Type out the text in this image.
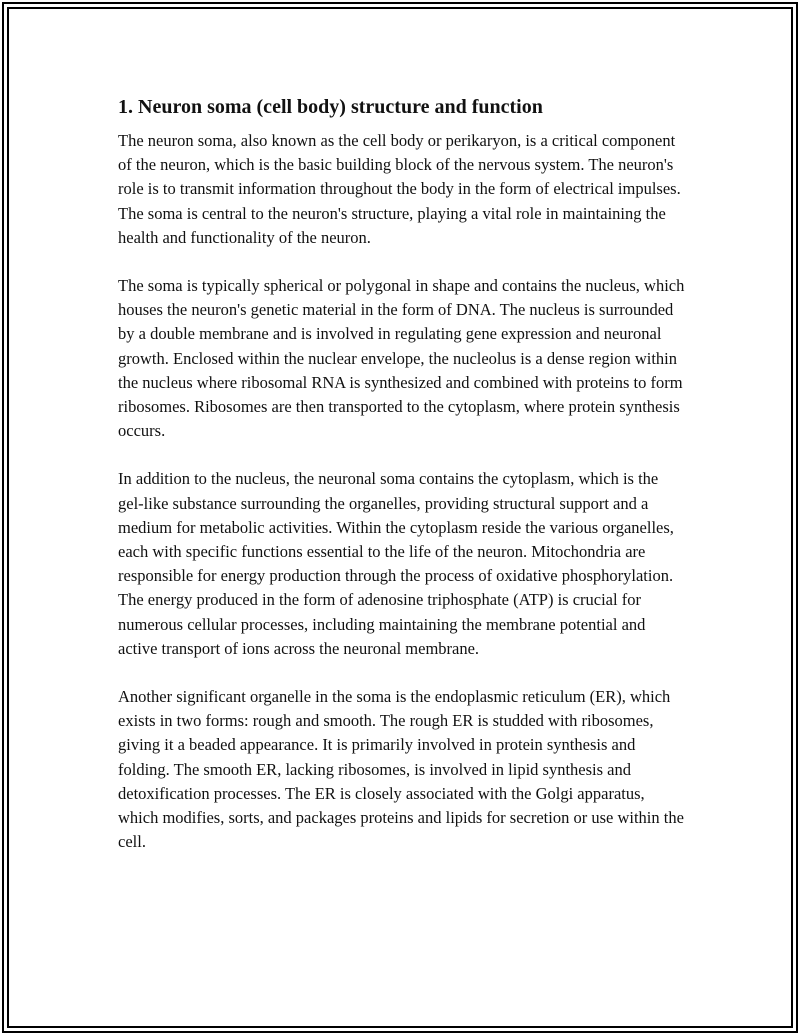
1. Neuron soma (cell body) structure and function

The neuron soma, also known as the cell body or perikaryon, is a critical component of the neuron, which is the basic building block of the nervous system. The neuron's role is to transmit information throughout the body in the form of electrical impulses. The soma is central to the neuron's structure, playing a vital role in maintaining the health and functionality of the neuron.

The soma is typically spherical or polygonal in shape and contains the nucleus, which houses the neuron's genetic material in the form of DNA. The nucleus is surrounded by a double membrane and is involved in regulating gene expression and neuronal growth. Enclosed within the nuclear envelope, the nucleolus is a dense region within the nucleus where ribosomal RNA is synthesized and combined with proteins to form ribosomes. Ribosomes are then transported to the cytoplasm, where protein synthesis occurs.

In addition to the nucleus, the neuronal soma contains the cytoplasm, which is the gel-like substance surrounding the organelles, providing structural support and a medium for metabolic activities. Within the cytoplasm reside the various organelles, each with specific functions essential to the life of the neuron. Mitochondria are responsible for energy production through the process of oxidative phosphorylation. The energy produced in the form of adenosine triphosphate (ATP) is crucial for numerous cellular processes, including maintaining the membrane potential and active transport of ions across the neuronal membrane.

Another significant organelle in the soma is the endoplasmic reticulum (ER), which exists in two forms: rough and smooth. The rough ER is studded with ribosomes, giving it a beaded appearance. It is primarily involved in protein synthesis and folding. The smooth ER, lacking ribosomes, is involved in lipid synthesis and detoxification processes. The ER is closely associated with the Golgi apparatus, which modifies, sorts, and packages proteins and lipids for secretion or use within the cell.
